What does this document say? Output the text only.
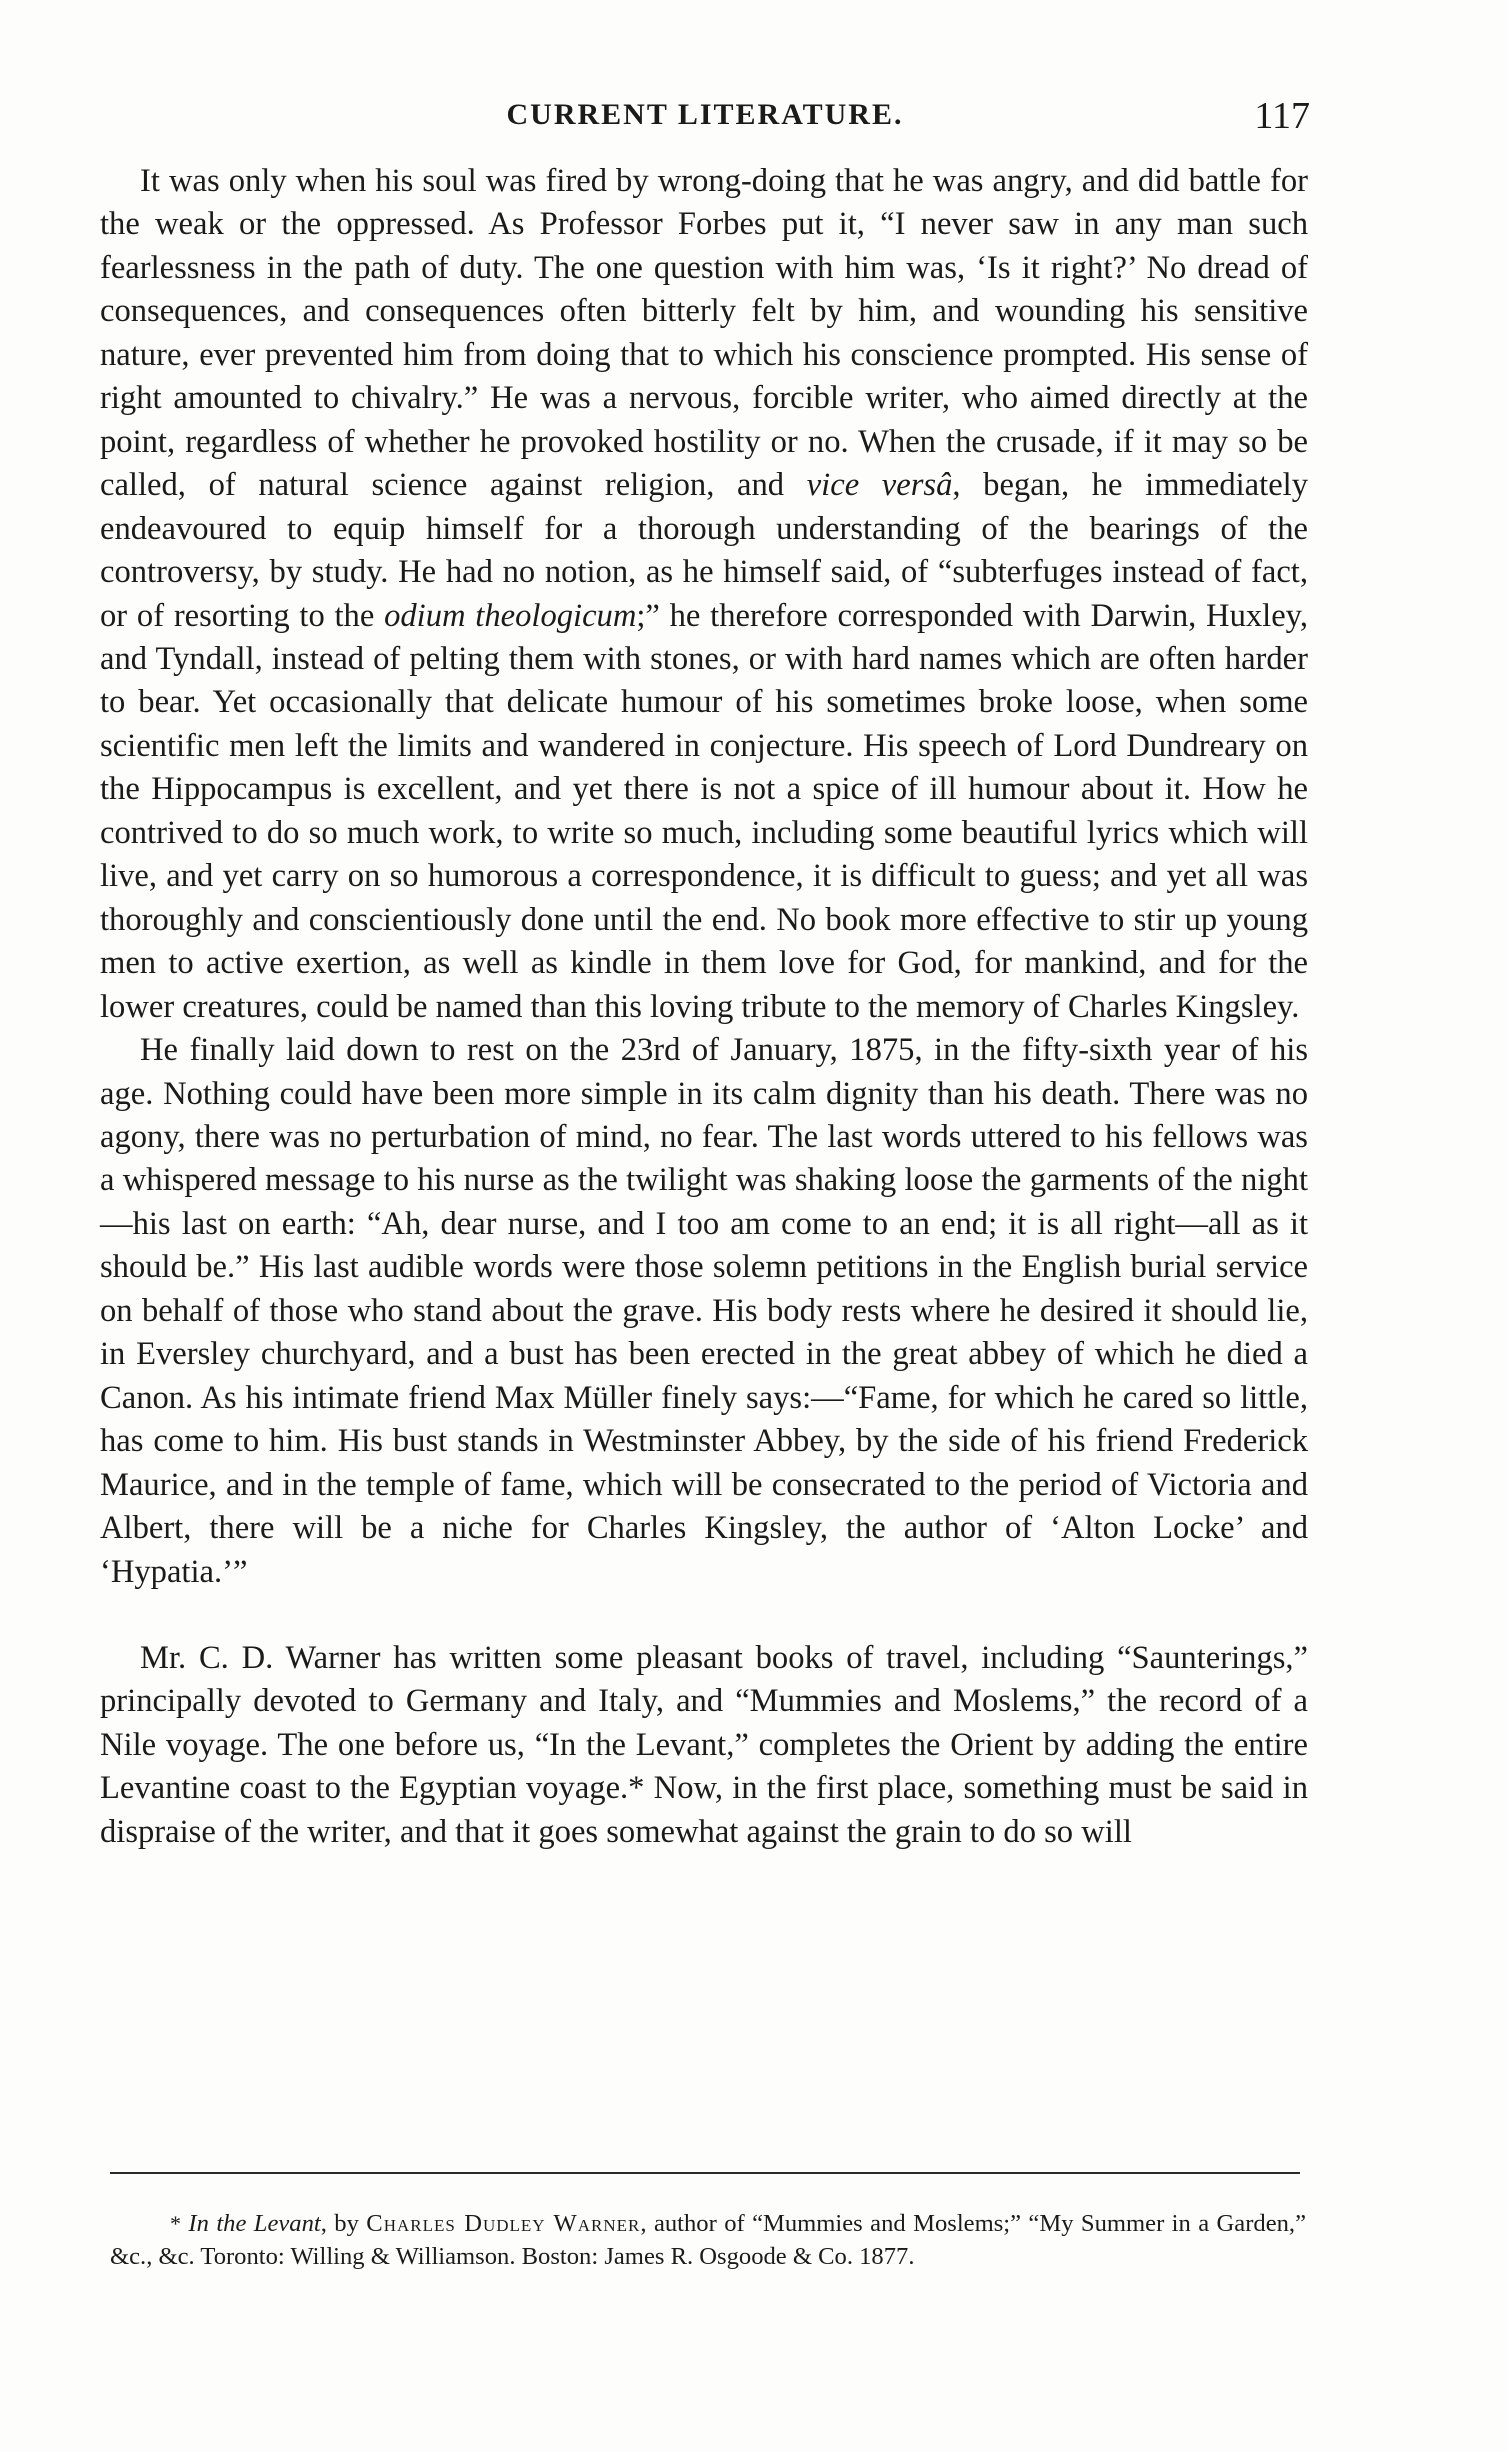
CURRENT LITERATURE.	117

It was only when his soul was fired by wrong-doing that he was angry, and did battle for the weak or the oppressed. As Professor Forbes put it, “I never saw in any man such fearlessness in the path of duty. The one question with him was, ‘Is it right?’ No dread of consequences, and consequences often bitterly felt by him, and wounding his sensitive nature, ever prevented him from doing that to which his conscience prompted. His sense of right amounted to chivalry.” He was a nervous, forcible writer, who aimed directly at the point, regardless of whether he provoked hostility or no. When the crusade, if it may so be called, of natural science against religion, and vice versâ, began, he immediately endeavoured to equip himself for a thorough understanding of the bearings of the controversy, by study. He had no notion, as he himself said, of “subterfuges instead of fact, or of resorting to the odium theologicum;” he therefore corresponded with Darwin, Huxley, and Tyndall, instead of pelting them with stones, or with hard names which are often harder to bear. Yet occasionally that delicate humour of his sometimes broke loose, when some scientific men left the limits and wandered in conjecture. His speech of Lord Dundreary on the Hippocampus is excellent, and yet there is not a spice of ill humour about it. How he contrived to do so much work, to write so much, including some beautiful lyrics which will live, and yet carry on so humorous a correspondence, it is difficult to guess; and yet all was thoroughly and conscientiously done until the end. No book more effective to stir up young men to active exertion, as well as kindle in them love for God, for mankind, and for the lower creatures, could be named than this loving tribute to the memory of Charles Kingsley.

He finally laid down to rest on the 23rd of January, 1875, in the fifty-sixth year of his age. Nothing could have been more simple in its calm dignity than his death. There was no agony, there was no perturbation of mind, no fear. The last words uttered to his fellows was a whispered message to his nurse as the twilight was shaking loose the garments of the night—his last on earth: “Ah, dear nurse, and I too am come to an end; it is all right—all as it should be.” His last audible words were those solemn petitions in the English burial service on behalf of those who stand about the grave. His body rests where he desired it should lie, in Eversley churchyard, and a bust has been erected in the great abbey of which he died a Canon. As his intimate friend Max Müller finely says:—“Fame, for which he cared so little, has come to him. His bust stands in Westminster Abbey, by the side of his friend Frederick Maurice, and in the temple of fame, which will be consecrated to the period of Victoria and Albert, there will be a niche for Charles Kingsley, the author of ‘Alton Locke’ and ‘Hypatia.’”

Mr. C. D. Warner has written some pleasant books of travel, including “Saunterings,” principally devoted to Germany and Italy, and “Mummies and Moslems,” the record of a Nile voyage. The one before us, “In the Levant,” completes the Orient by adding the entire Levantine coast to the Egyptian voyage.* Now, in the first place, something must be said in dispraise of the writer, and that it goes somewhat against the grain to do so will

* In the Levant, by Charles Dudley Warner, author of “Mummies and Moslems;” “My Summer in a Garden,” &c., &c. Toronto: Willing & Williamson. Boston: James R. Osgoode & Co. 1877.
